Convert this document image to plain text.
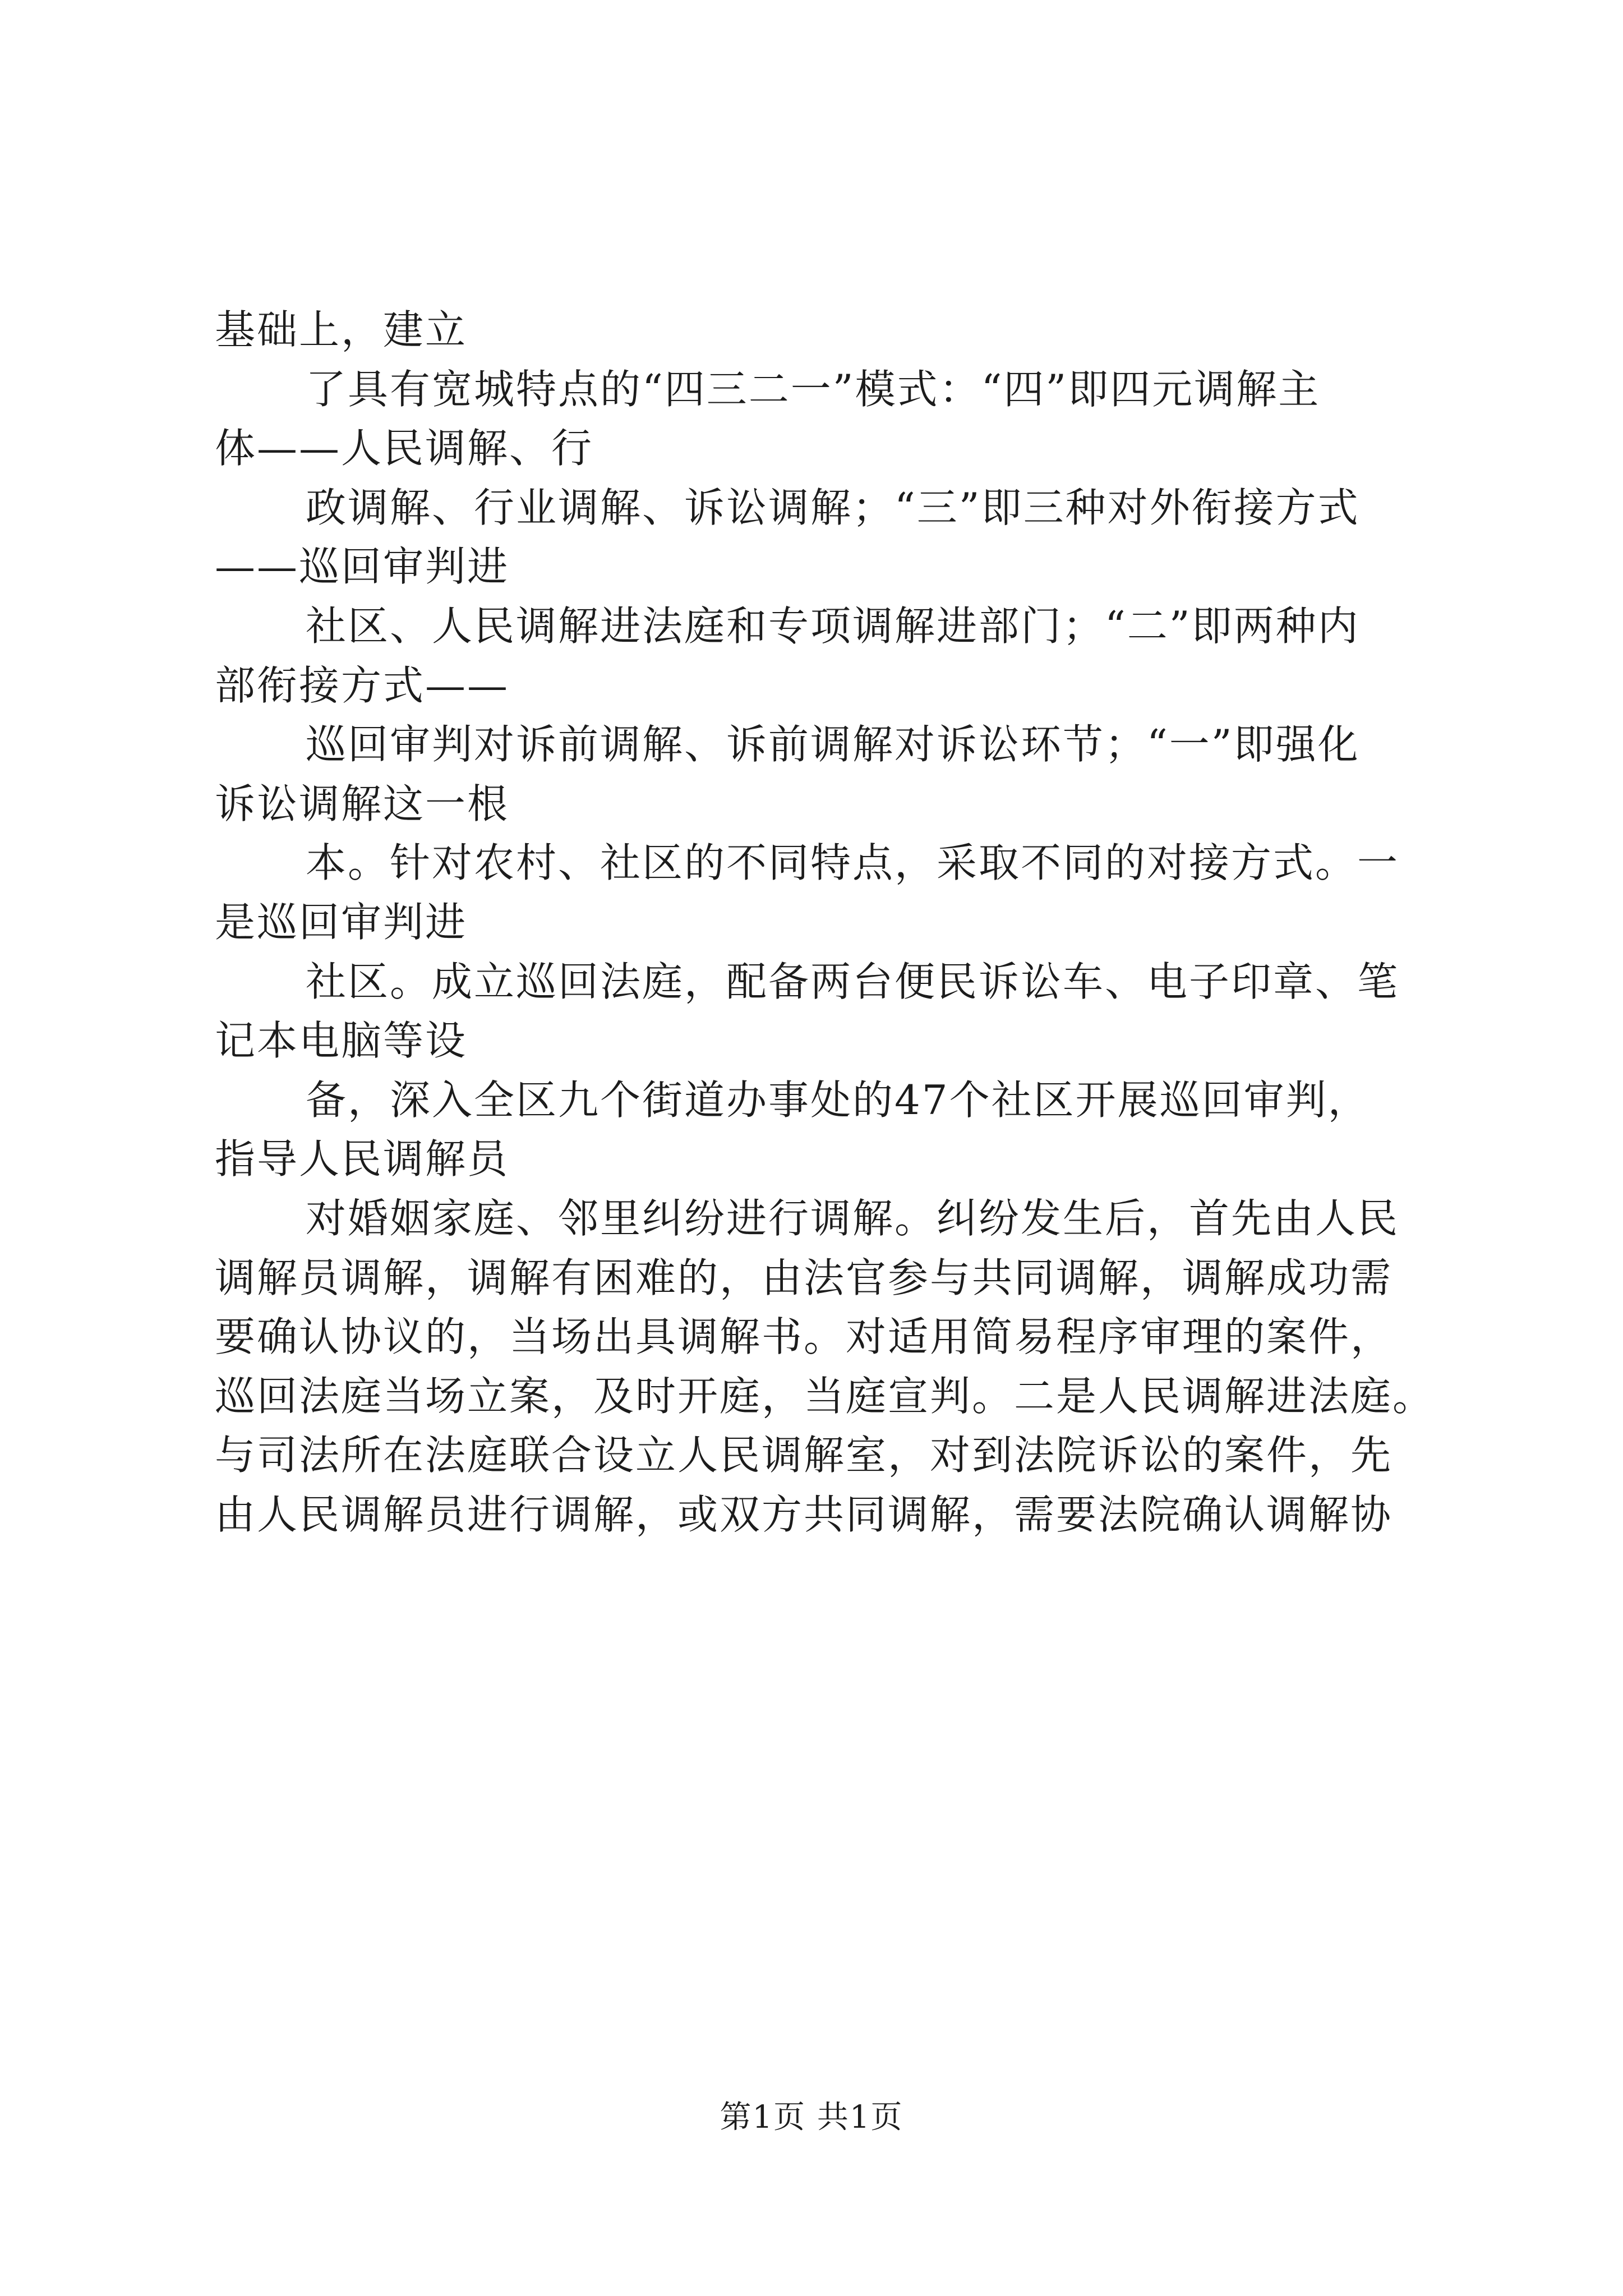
基础上，建立
了具有宽城特点的“四三二一”模式：“四”即四元调解主
体——人民调解、行
政调解、行业调解、诉讼调解；“三”即三种对外衔接方式
——巡回审判进
社区、人民调解进法庭和专项调解进部门；“二”即两种内
部衔接方式——
巡回审判对诉前调解、诉前调解对诉讼环节；“一”即强化
诉讼调解这一根
本。针对农村、社区的不同特点，采取不同的对接方式。一
是巡回审判进
社区。成立巡回法庭，配备两台便民诉讼车、电子印章、笔
记本电脑等设
备，深入全区九个街道办事处的47个社区开展巡回审判，
指导人民调解员
对婚姻家庭、邻里纠纷进行调解。纠纷发生后，首先由人民
调解员调解，调解有困难的，由法官参与共同调解，调解成功需
要确认协议的，当场出具调解书。对适用简易程序审理的案件，
巡回法庭当场立案，及时开庭，当庭宣判。二是人民调解进法庭。
与司法所在法庭联合设立人民调解室，对到法院诉讼的案件，先
由人民调解员进行调解，或双方共同调解，需要法院确认调解协
第1页 共1页
